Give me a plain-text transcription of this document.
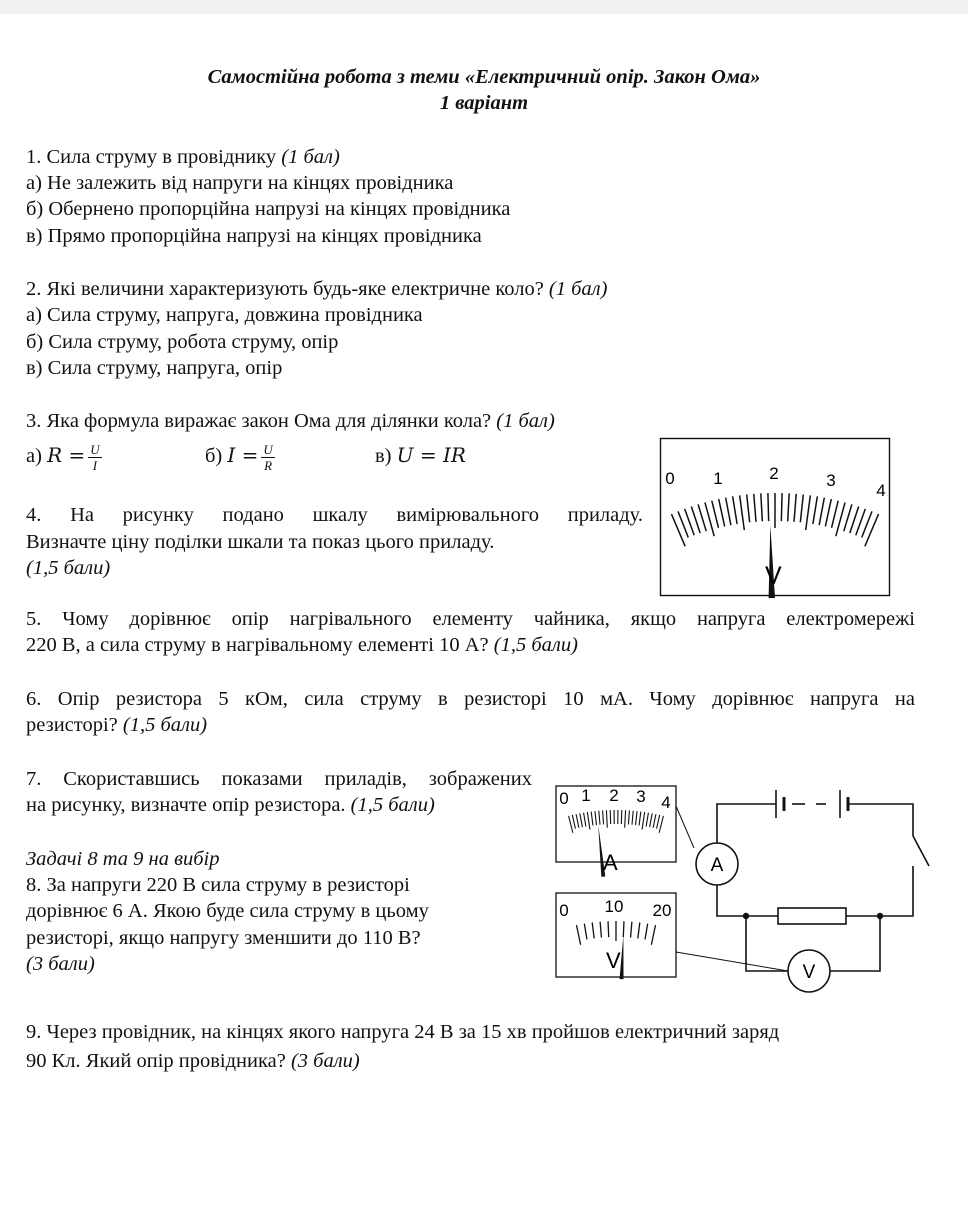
Самостійна робота з теми «Електричний опір. Закон Ома»
1 варіант
1. Сила струму в провіднику (1 бал)
а) Не залежить від напруги на кінцях провідника
б) Обернено пропорційна напрузі на кінцях провідника
в) Прямо пропорційна напрузі на кінцях провідника
2. Які величини характеризують будь-яке електричне коло? (1 бал)
а) Сила струму, напруга, довжина провідника
б) Сила струму, робота струму, опір
в) Сила струму, напруга, опір
3. Яка формула виражає закон Ома для ділянки кола? (1 бал)
а) $R = \frac{U}{I}$	б) $I = \frac{U}{R}$	в) U = IR
4. На рисунку подано шкалу вимірювального приладу.
Визначте ціну поділки шкали та показ цього приладу.
(1,5 бали)
0 1	2	3
4
V
5. Чому дорівнює опір нагрівального елементу чайника, якщо напруга електромережі
220 В, а сила струму в нагрівальному елементі 10 А? (1,5 бали)
6. Опір резистора 5 кОм, сила струму в резисторі 10 мА. Чому дорівнює напруга на
резисторі? (1,5 бали)
7. Скориставшись показами приладів, зображених
на рисунку, визначте опір резистора. (1,5 бали)
Задачі 8 та 9 на вибір
8. За напруги 220 В сила струму в резисторі
дорівнює 6 А. Якою буде сила струму в цьому
резисторі, якщо напругу зменшити до 110 В?
(3 бали)
0 1 2 3 4
A
0 10 20
V
A
V
9. Через провідник, на кінцях якого напруга 24 В за 15 хв пройшов електричний заряд
90 Кл. Який опір провідника? (3 бали)
